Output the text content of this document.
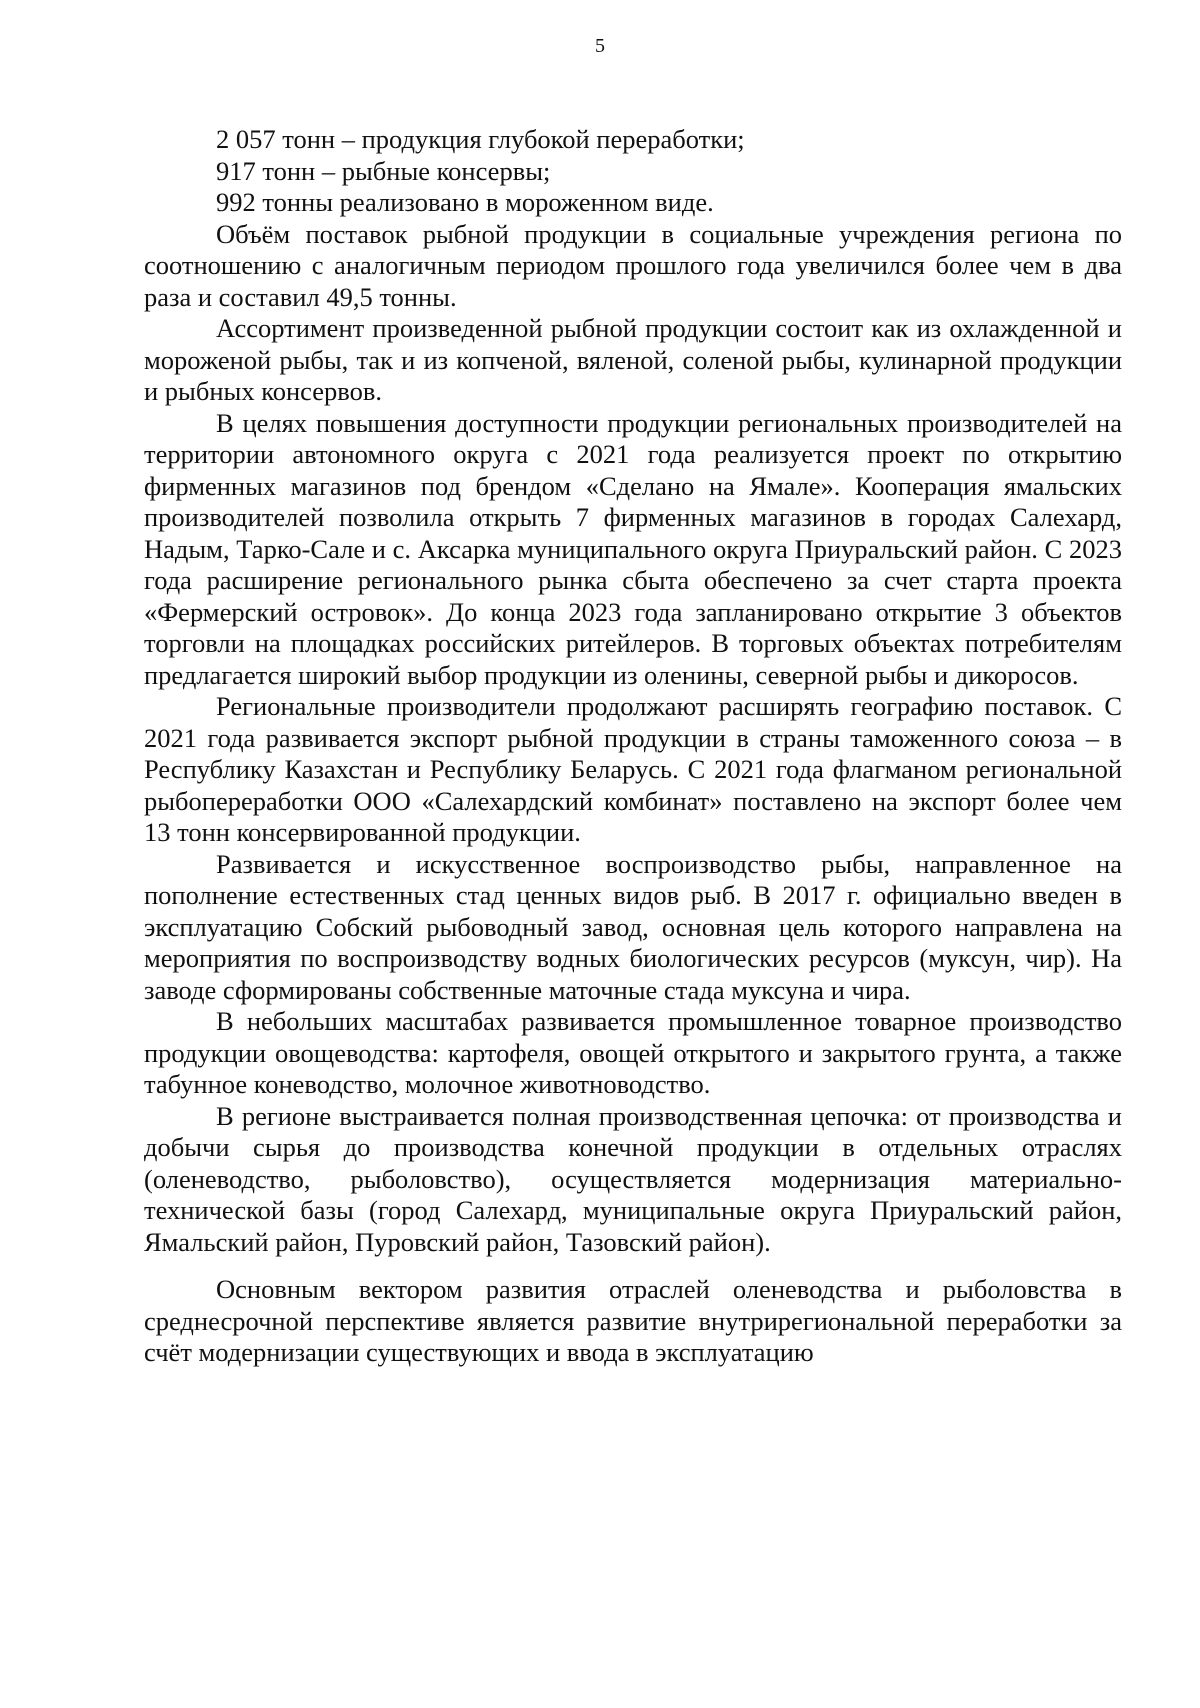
5

2 057 тонн – продукция глубокой переработки;

917 тонн – рыбные консервы;

992 тонны реализовано в мороженном виде.

Объём поставок рыбной продукции в социальные учреждения региона по соотношению с аналогичным периодом прошлого года увеличился более чем в два раза и составил 49,5 тонны.

Ассортимент произведенной рыбной продукции состоит как из охлажденной и мороженой рыбы, так и из копченой, вяленой, соленой рыбы, кулинарной продукции и рыбных консервов.

В целях повышения доступности продукции региональных производителей на территории автономного округа с 2021 года реализуется проект по открытию фирменных магазинов под брендом «Сделано на Ямале». Кооперация ямальских производителей позволила открыть 7 фирменных магазинов в городах Салехард, Надым, Тарко-Сале и с. Аксарка муниципального округа Приуральский район. С 2023 года расширение регионального рынка сбыта обеспечено за счет старта проекта «Фермерский островок». До конца 2023 года запланировано открытие 3 объектов торговли на площадках российских ритейлеров. В торговых объектах потребителям предлагается широкий выбор продукции из оленины, северной рыбы и дикоросов.

Региональные производители продолжают расширять географию поставок. С 2021 года развивается экспорт рыбной продукции в страны таможенного союза – в Республику Казахстан и Республику Беларусь. С 2021 года флагманом региональной рыбопереработки ООО «Салехардский комбинат» поставлено на экспорт более чем 13 тонн консервированной продукции.

Развивается и искусственное воспроизводство рыбы, направленное на пополнение естественных стад ценных видов рыб. В 2017 г. официально введен в эксплуатацию Собский рыбоводный завод, основная цель которого направлена на мероприятия по воспроизводству водных биологических ресурсов (муксун, чир). На заводе сформированы собственные маточные стада муксуна и чира.

В небольших масштабах развивается промышленное товарное производство продукции овощеводства: картофеля, овощей открытого и закрытого грунта, а также табунное коневодство, молочное животноводство.

В регионе выстраивается полная производственная цепочка: от производства и добычи сырья до производства конечной продукции в отдельных отраслях (оленеводство, рыболовство), осуществляется модернизация материально-технической базы (город Салехард, муниципальные округа Приуральский район, Ямальский район, Пуровский район, Тазовский район).

Основным вектором развития отраслей оленеводства и рыболовства в среднесрочной перспективе является развитие внутрирегиональной переработки за счёт модернизации существующих и ввода в эксплуатацию
